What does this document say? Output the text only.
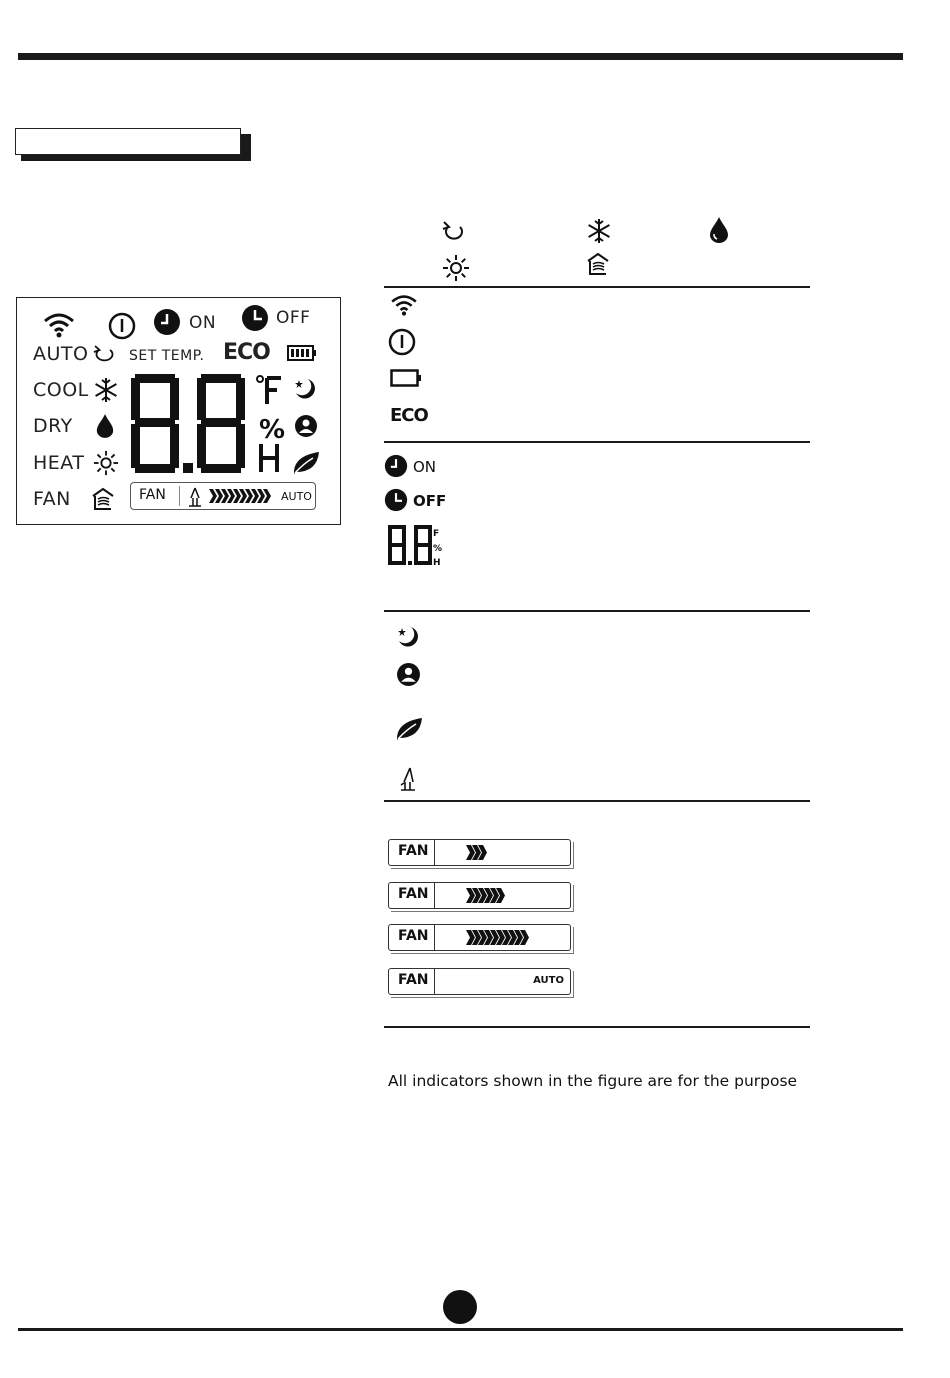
ON	OFF
AUTO	SET TEMP. ECO
COOL
DRY
HEAT
FAN
%
FAN	AUTO
ECO
ON
OFF
F
%
H
FAN
FAN
FAN
FAN	AUTO
All indicators shown in the figure are for the purpose
